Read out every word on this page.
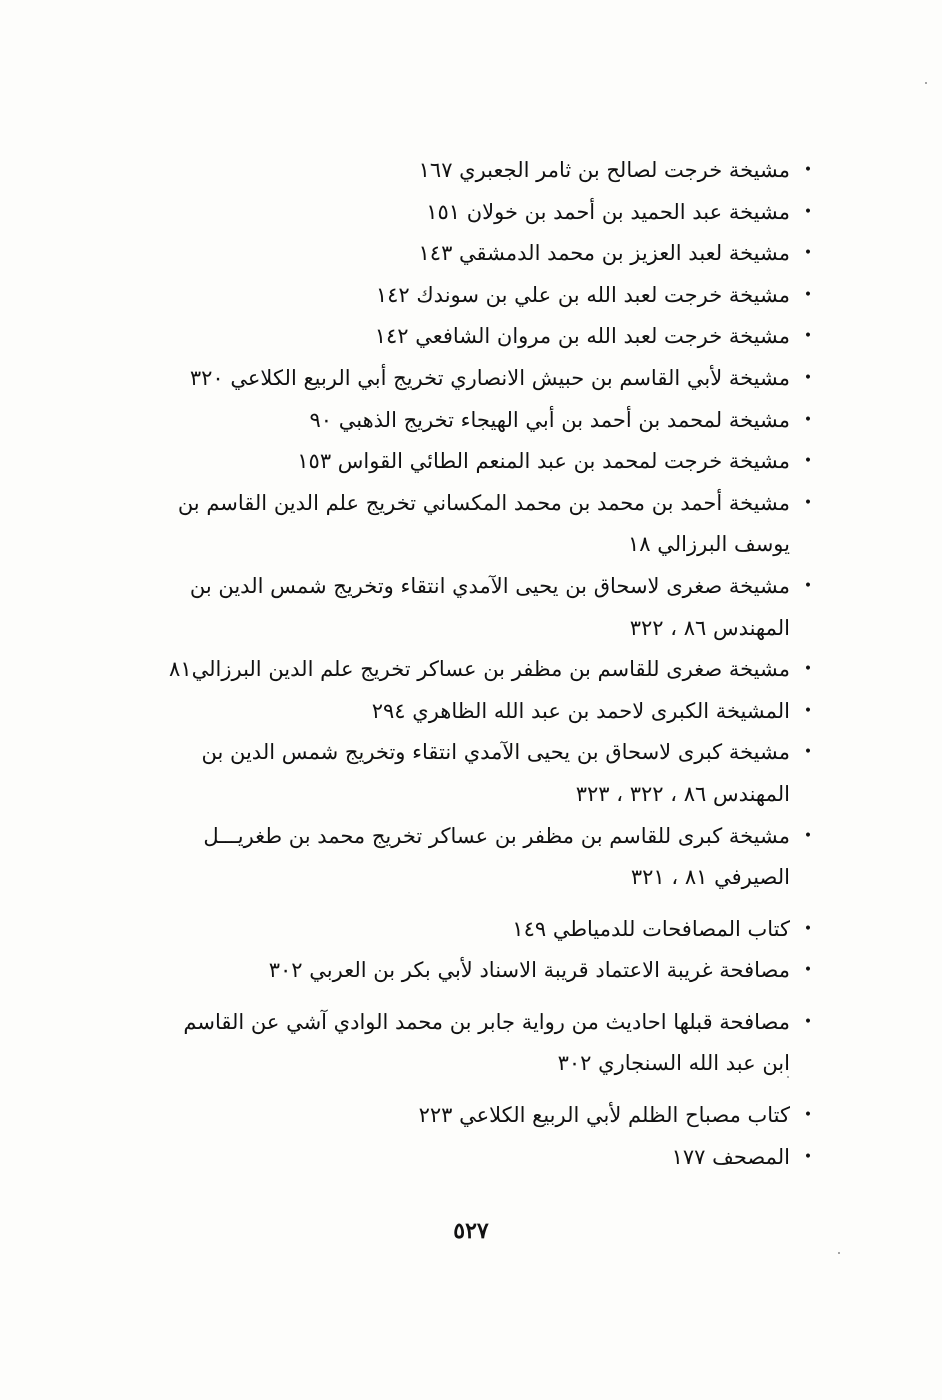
•
مشيخة خرجت لصالح بن ثامر الجعبري ١٦٧

•
مشيخة عبد الحميد بن أحمد بن خولان ١٥١

•
مشيخة لعبد العزيز بن محمد الدمشقي ١٤٣

•
مشيخة خرجت لعبد الله بن علي بن سوندك ١٤٢

•
مشيخة خرجت لعبد الله بن مروان الشافعي ١٤٢

•
مشيخة لأبي القاسم بن حبيش الانصاري تخريج أبي الربيع الكلاعي ٣٢٠

•
مشيخة لمحمد بن أحمد بن أبي الهيجاء تخريج الذهبي ٩٠

•
مشيخة خرجت لمحمد بن عبد المنعم الطائي القواس ١٥٣

•
مشيخة أحمد بن محمد بن محمد المكساني تخريج علم الدين القاسم بن يوسف البرزالي ١٨

•
مشيخة صغرى لاسحاق بن يحيى الآمدي انتقاء وتخريج شمس الدين بن المهندس ٨٦ ، ٣٢٢

•
مشيخة صغرى للقاسم بن مظفر بن عساكر تخريج علم الدين البرزالي٨١

•
المشيخة الكبرى لاحمد بن عبد الله الظاهري ٢٩٤

•
مشيخة كبرى لاسحاق بن يحيى الآمدي انتقاء وتخريج شمس الدين بن المهندس ٨٦ ، ٣٢٢ ، ٣٢٣

•
مشيخة كبرى للقاسم بن مظفر بن عساكر تخريج محمد بن طغريـــل الصيرفي ٨١ ، ٣٢١

•
كتاب المصافحات للدمياطي ١٤٩

•
مصافحة غريبة الاعتماد قريبة الاسناد لأبي بكر بن العربي ٣٠٢

•
مصافحة قبلها احاديث من رواية جابر بن محمد الوادي آشي عن القاسم ابن عبد الله السنجاري ٣٠٢

•
كتاب مصباح الظلم لأبي الربيع الكلاعي ٢٢٣

•
المصحف ١٧٧

٥٢٧
